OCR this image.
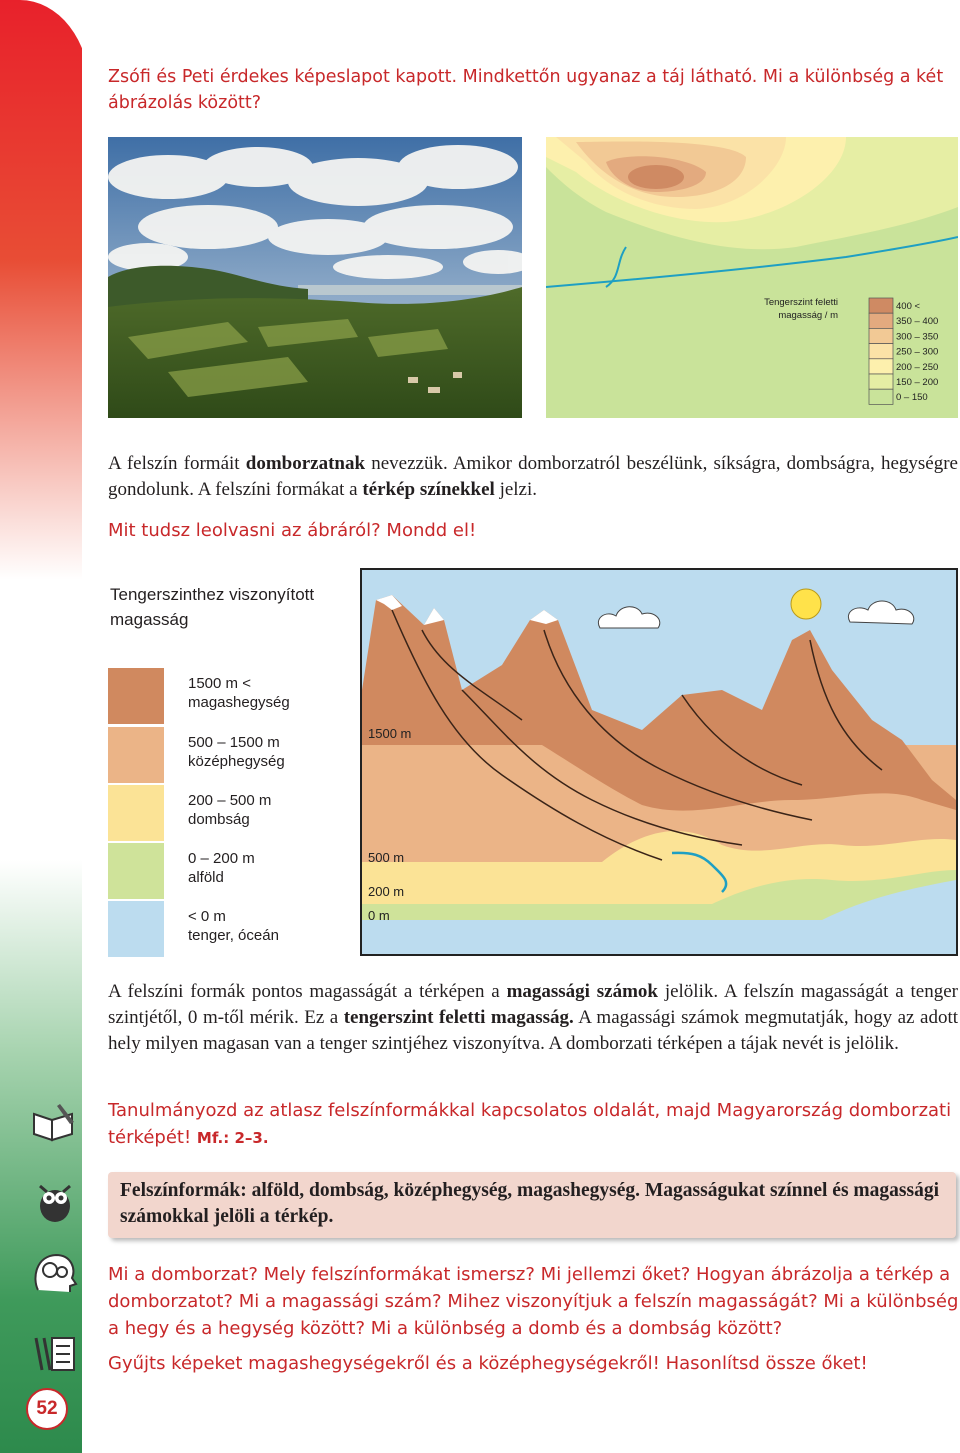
52
Zsófi és Peti érdekes képeslapot kapott. Mindkettőn ugyanaz a táj látható. Mi a különbség a két ábrázolás között?
Tengerszint feletti
magasság / m
400 <
350 – 400
300 – 350
250 – 300
200 – 250
150 – 200
0 – 150
A felszín formáit domborzatnak nevezzük. Amikor domborzatról beszélünk, síkságra, dombságra, hegységre gondolunk. A felszíni formákat a térkép színekkel jelzi.
Mit tudsz leolvasni az ábráról? Mondd el!
Tengerszinthez viszonyított magasság
1500 m <
magashegység
500 – 1500 m
középhegység
200 – 500 m
dombság
0 – 200 m
alföld
< 0 m
tenger, óceán
1500 m
500 m
200 m
0 m
A felszíni formák pontos magasságát a térképen a magassági számok jelölik. A felszín magasságát a tenger szintjétől, 0 m-től mérik. Ez a tengerszint feletti magasság. A magassági számok megmutatják, hogy az adott hely milyen magasan van a tenger szintjéhez viszonyítva. A domborzati térképen a tájak nevét is jelölik.
Tanulmányozd az atlasz felszínformákkal kapcsolatos oldalát, majd Magyarország domborzati térképét! Mf.: 2–3.
Felszínformák: alföld, dombság, középhegység, magashegység. Magasságukat színnel és magassági számokkal jelöli a térkép.
Mi a domborzat? Mely felszínformákat ismersz? Mi jellemzi őket? Hogyan ábrázolja a térkép a domborzatot? Mi a magassági szám? Mihez viszonyítjuk a felszín magasságát? Mi a különbség a hegy és a hegység között? Mi a különbség a domb és a dombság között?
Gyűjts képeket magashegységekről és a középhegységekről! Hasonlítsd össze őket!
